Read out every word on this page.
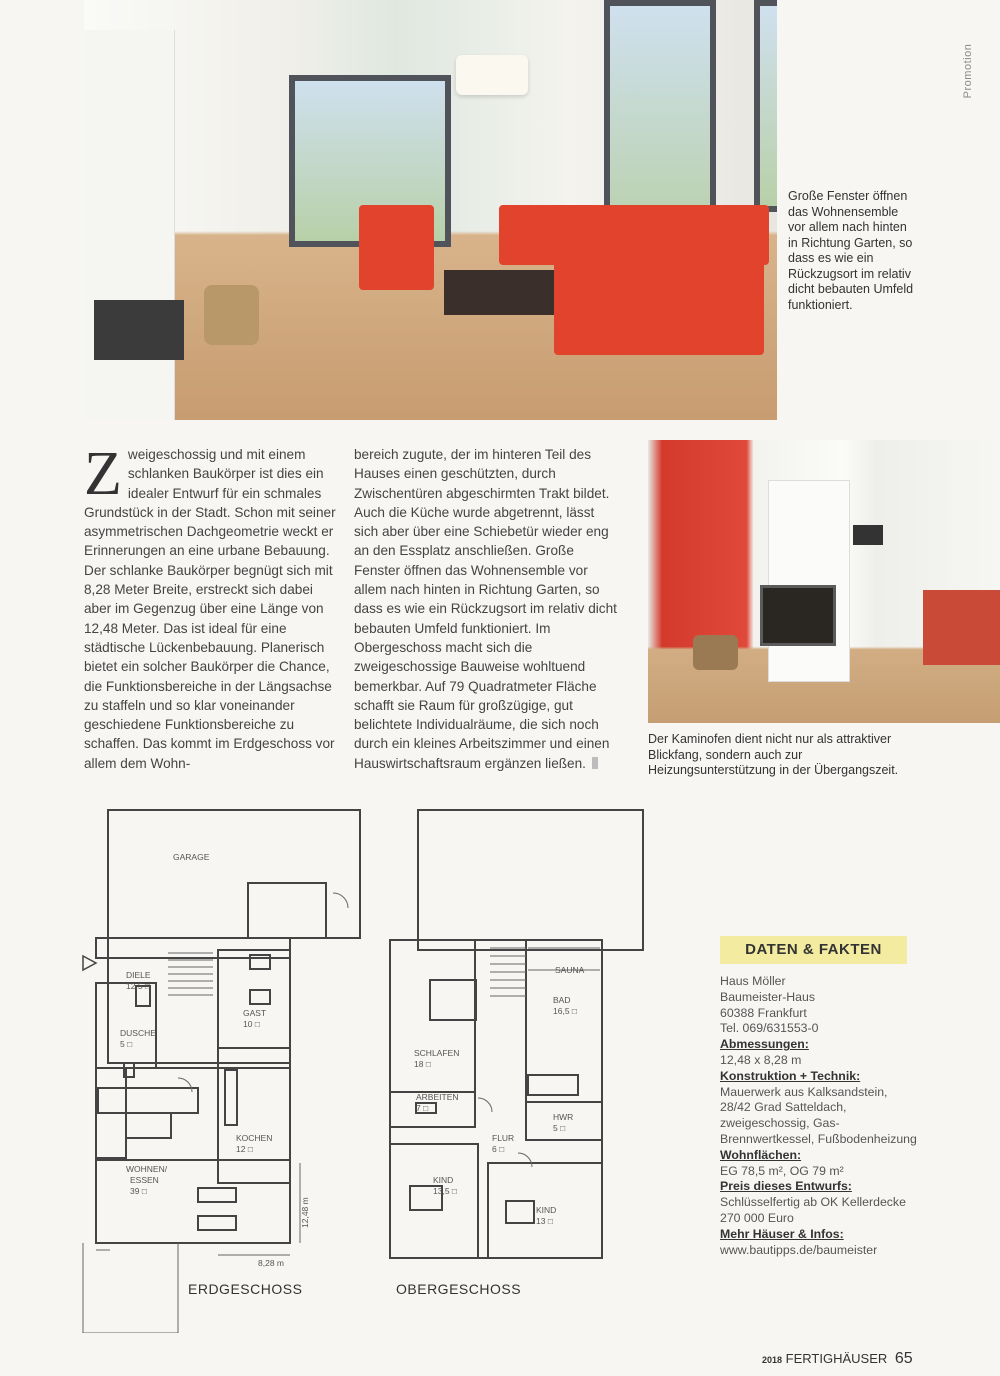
Promotion
Große Fenster öffnen das Wohnensemble vor allem nach hinten in Richtung Garten, so dass es wie ein Rückzugsort im relativ dicht bebauten Umfeld funktioniert.
Zweigeschossig und mit einem schlanken Baukörper ist dies ein idealer Entwurf für ein schmales Grundstück in der Stadt. Schon mit seiner asymmetrischen Dachgeometrie weckt er Erinnerungen an eine urbane Bebauung. Der schlanke Baukörper begnügt sich mit 8,28 Meter Breite, erstreckt sich dabei aber im Gegenzug über eine Länge von 12,48 Meter. Das ist ideal für eine städtische Lückenbebauung. Planerisch bietet ein solcher Baukörper die Chance, die Funktionsbereiche in der Längsachse zu staffeln und so klar voneinander geschiedene Funktionsbereiche zu schaffen. Das kommt im Erdgeschoss vor allem dem Wohn-
bereich zugute, der im hinteren Teil des Hauses einen geschützten, durch Zwischentüren abgeschirmten Trakt bildet. Auch die Küche wurde abgetrennt, lässt sich aber über eine Schiebetür wieder eng an den Essplatz anschließen. Große Fenster öffnen das Wohnensemble vor allem nach hinten in Richtung Garten, so dass es wie ein Rückzugsort im relativ dicht bebauten Umfeld funktioniert. Im Obergeschoss macht sich die zweigeschossige Bauweise wohltuend bemerkbar. Auf 79 Quadratmeter Fläche schafft sie Raum für großzügige, gut belichtete Individualräume, die sich noch durch ein kleines Arbeitszimmer und einen Hauswirtschaftsraum ergänzen ließen.
Der Kaminofen dient nicht nur als attraktiver Blickfang, sondern auch zur Heizungsunterstützung in der Übergangszeit.
GARAGE
DIELE
12,5 □
DUSCHE
5 □
GAST
10 □
KOCHEN
12 □
WOHNEN/
ESSEN
39 □
8,28 m
12,48 m
ERDGESCHOSS
SAUNA
BAD
16,5 □
SCHLAFEN
18 □
ARBEITEN
7 □
HWR
5 □
FLUR
6 □
KIND
13,5 □
KIND
13 □
OBERGESCHOSS
DATEN & FAKTEN
Haus Möller
Baumeister-Haus
60388 Frankfurt
Tel. 069/631553-0
Abmessungen:
12,48 x 8,28 m
Konstruktion + Technik:
Mauerwerk aus Kalksandstein, 28/42 Grad Satteldach, zweigeschossig, Gas-Brennwertkessel, Fußbodenheizung
Wohnflächen:
EG 78,5 m², OG 79 m²
Preis dieses Entwurfs:
Schlüsselfertig ab OK Kellerdecke
270 000 Euro
Mehr Häuser & Infos:
www.bautipps.de/baumeister
2018 FERTIGHÄUSER 65
